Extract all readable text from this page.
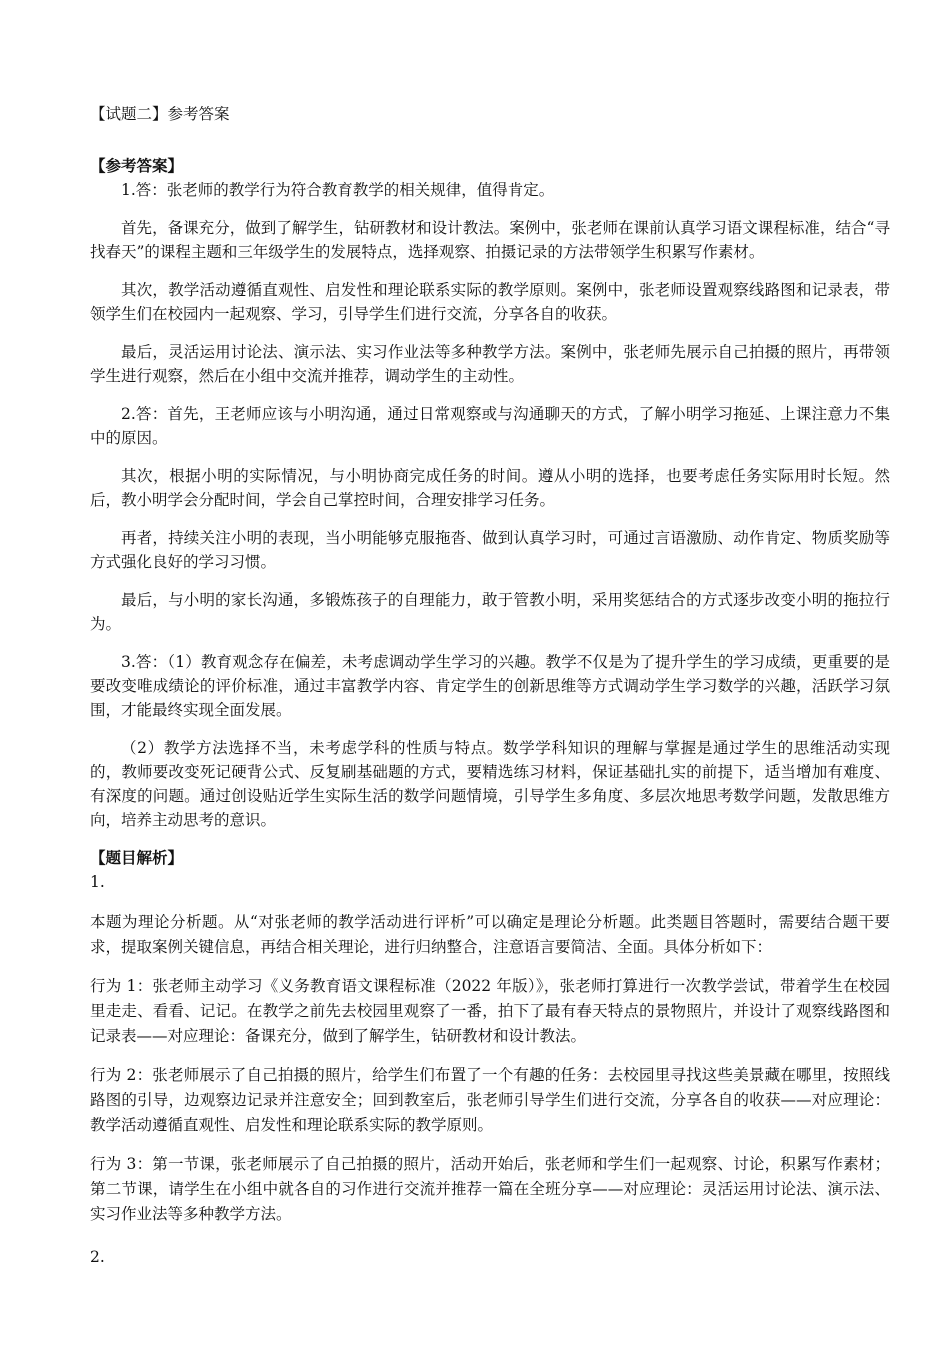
【试题二】参考答案

【参考答案】

1.答：张老师的教学行为符合教育教学的相关规律，值得肯定。

首先，备课充分，做到了解学生，钻研教材和设计教法。案例中，张老师在课前认真学习语文课程标准，结合“寻找春天”的课程主题和三年级学生的发展特点，选择观察、拍摄记录的方法带领学生积累写作素材。

其次，教学活动遵循直观性、启发性和理论联系实际的教学原则。案例中，张老师设置观察线路图和记录表，带领学生们在校园内一起观察、学习，引导学生们进行交流，分享各自的收获。

最后，灵活运用讨论法、演示法、实习作业法等多种教学方法。案例中，张老师先展示自己拍摄的照片，再带领学生进行观察，然后在小组中交流并推荐，调动学生的主动性。

2.答：首先，王老师应该与小明沟通，通过日常观察或与沟通聊天的方式，了解小明学习拖延、上课注意力不集中的原因。

其次，根据小明的实际情况，与小明协商完成任务的时间。遵从小明的选择，也要考虑任务实际用时长短。然后，教小明学会分配时间，学会自己掌控时间，合理安排学习任务。

再者，持续关注小明的表现，当小明能够克服拖沓、做到认真学习时，可通过言语激励、动作肯定、物质奖励等方式强化良好的学习习惯。

最后，与小明的家长沟通，多锻炼孩子的自理能力，敢于管教小明，采用奖惩结合的方式逐步改变小明的拖拉行为。

3.答：（1）教育观念存在偏差，未考虑调动学生学习的兴趣。教学不仅是为了提升学生的学习成绩，更重要的是要改变唯成绩论的评价标准，通过丰富教学内容、肯定学生的创新思维等方式调动学生学习数学的兴趣，活跃学习氛围，才能最终实现全面发展。

（2）教学方法选择不当，未考虑学科的性质与特点。数学学科知识的理解与掌握是通过学生的思维活动实现的，教师要改变死记硬背公式、反复刷基础题的方式，要精选练习材料，保证基础扎实的前提下，适当增加有难度、有深度的问题。通过创设贴近学生实际生活的数学问题情境，引导学生多角度、多层次地思考数学问题，发散思维方向，培养主动思考的意识。

【题目解析】

1.

本题为理论分析题。从“对张老师的教学活动进行评析”可以确定是理论分析题。此类题目答题时，需要结合题干要求，提取案例关键信息，再结合相关理论，进行归纳整合，注意语言要简洁、全面。具体分析如下：

行为 1：张老师主动学习《义务教育语文课程标准（2022 年版）》，张老师打算进行一次教学尝试，带着学生在校园里走走、看看、记记。在教学之前先去校园里观察了一番，拍下了最有春天特点的景物照片，并设计了观察线路图和记录表——对应理论：备课充分，做到了解学生，钻研教材和设计教法。

行为 2：张老师展示了自己拍摄的照片，给学生们布置了一个有趣的任务：去校园里寻找这些美景藏在哪里，按照线路图的引导，边观察边记录并注意安全；回到教室后，张老师引导学生们进行交流，分享各自的收获——对应理论：教学活动遵循直观性、启发性和理论联系实际的教学原则。

行为 3：第一节课，张老师展示了自己拍摄的照片，活动开始后，张老师和学生们一起观察、讨论，积累写作素材；第二节课，请学生在小组中就各自的习作进行交流并推荐一篇在全班分享——对应理论：灵活运用讨论法、演示法、实习作业法等多种教学方法。

2.
